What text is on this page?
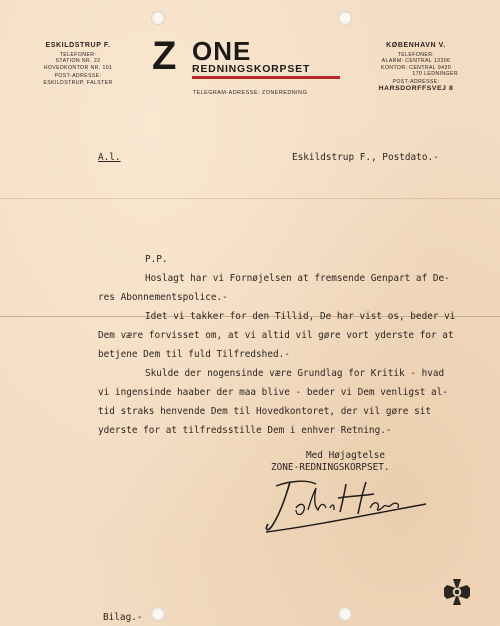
ESKILDSTRUP F.
TELEFONER:
STATION NR. 22
HOVEDKONTOR NR. 101
POST-ADRESSE:
ESKILDSTRUP, FALSTER
Z ONE
REDNINGSKORPSET
KØBENHAVN V.
TELEFONER:
ALARM: CENTRAL 13306
KONTOR: CENTRAL 9430
170 LEDNINGER
POST-ADRESSE:
HARSDORFFSVEJ 8
TELEGRAM-ADRESSE: ZONEREDNING
A.l.	Eskildstrup F., Postdato.-
P.P.
Hoslagt har vi Fornøjelsen at fremsende Genpart af De-
res Abonnementspolice.-
Idet vi takker for den Tillid, De har vist os, beder vi
Dem være forvisset om, at vi altid vil gøre vort yderste for at
betjene Dem til fuld Tilfredshed.-
Skulde der nogensinde være Grundlag for Kritik - hvad
vi ingensinde haaber der maa blive - beder vi Dem venligst al-
tid straks henvende Dem til Hovedkontoret, der vil gøre sit
yderste for at tilfredsstille Dem i enhver Retning.-
Med Højagtelse
ZONE-REDNINGSKORPSET.
Bilag.-
